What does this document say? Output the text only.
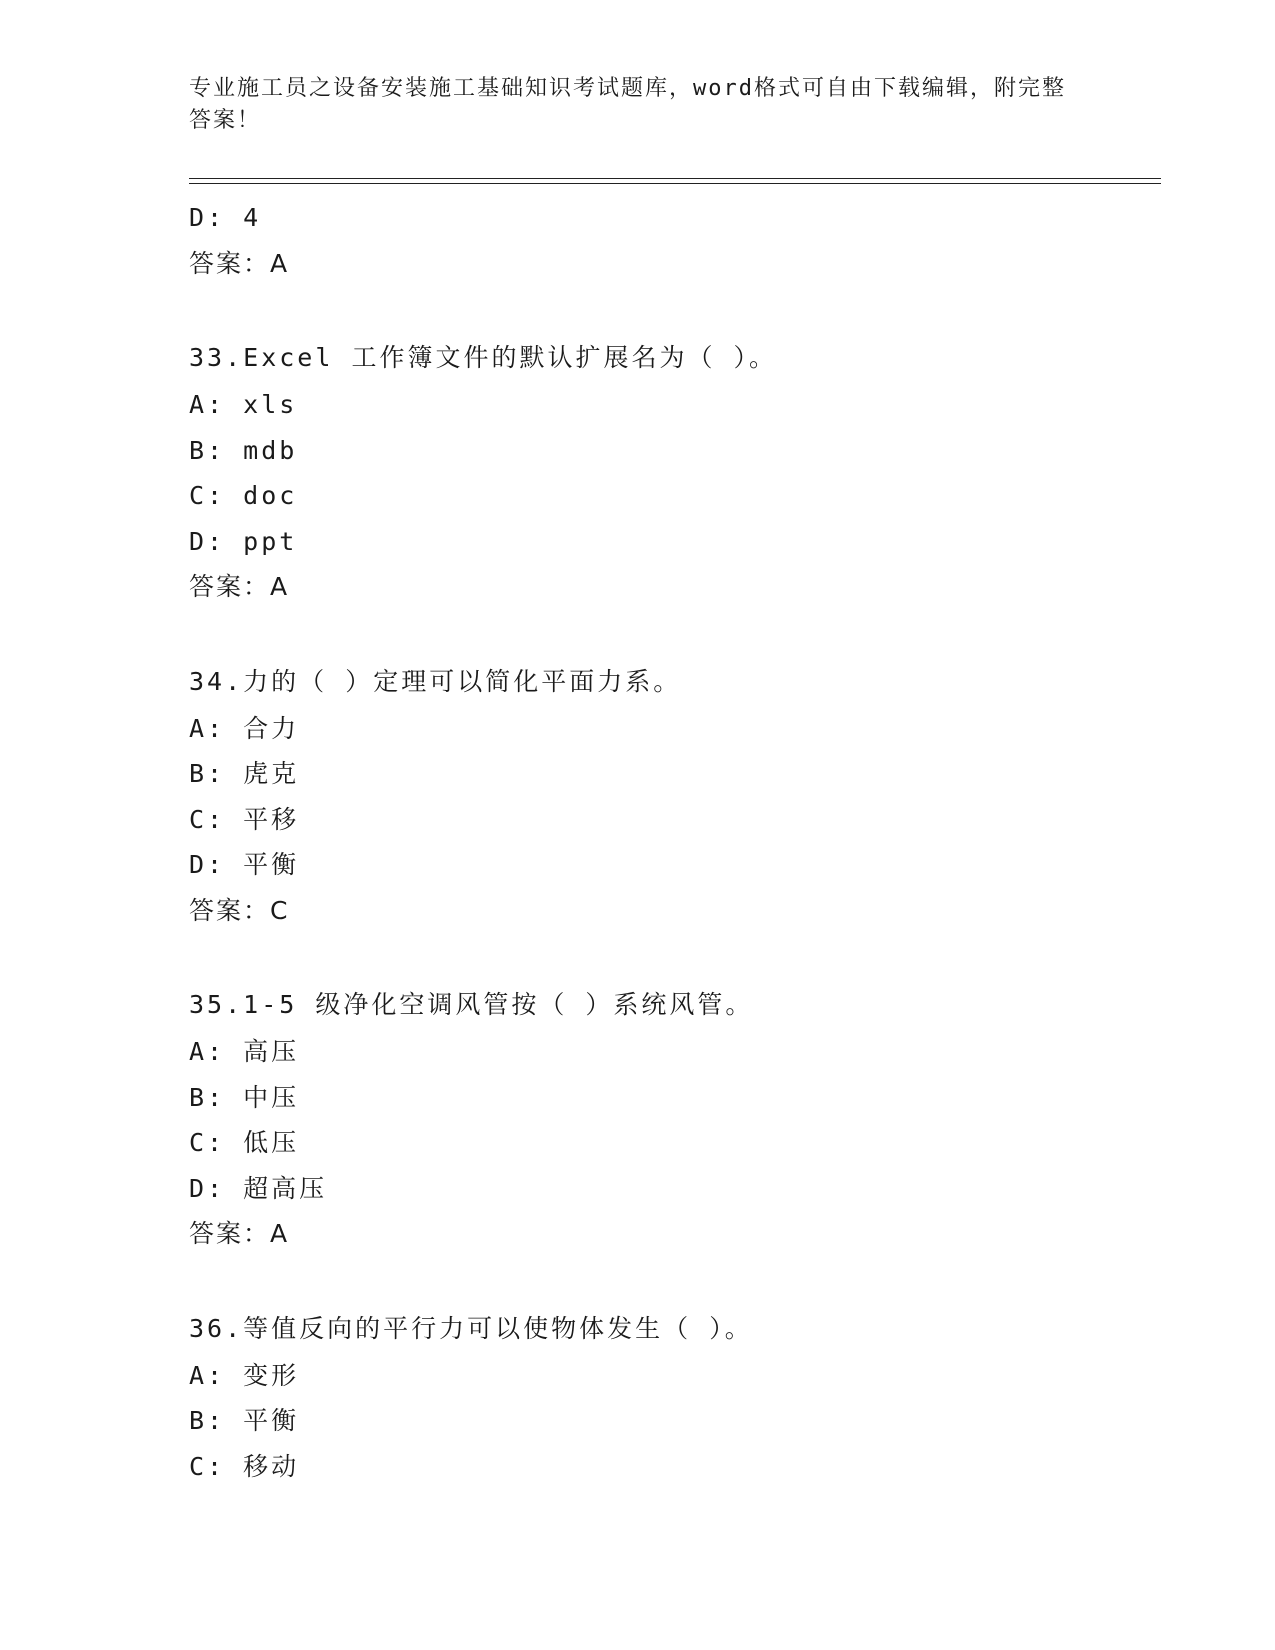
专业施工员之设备安装施工基础知识考试题库，word格式可自由下载编辑，附完整答案！
D: 4
答案：A
33.Excel 工作簿文件的默认扩展名为（ ）。
A: xls
B: mdb
C: doc
D: ppt
答案：A
34.力的（ ）定理可以简化平面力系。
A: 合力
B: 虎克
C: 平移
D: 平衡
答案：C
35.1-5 级净化空调风管按（ ）系统风管。
A: 高压
B: 中压
C: 低压
D: 超高压
答案：A
36.等值反向的平行力可以使物体发生（ ）。
A: 变形
B: 平衡
C: 移动
